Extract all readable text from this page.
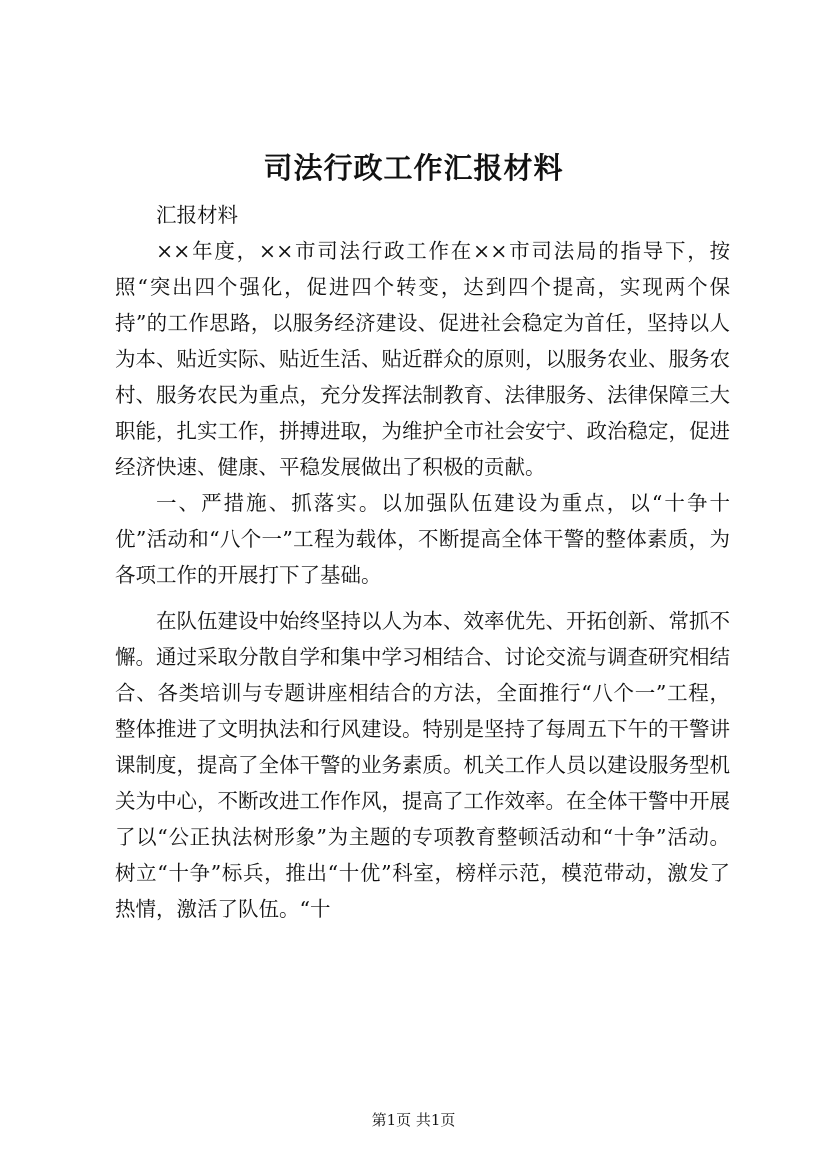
司法行政工作汇报材料

汇报材料

××年度，××市司法行政工作在××市司法局的指导下，按照“突出四个强化，促进四个转变，达到四个提高，实现两个保持”的工作思路，以服务经济建设、促进社会稳定为首任，坚持以人为本、贴近实际、贴近生活、贴近群众的原则，以服务农业、服务农村、服务农民为重点，充分发挥法制教育、法律服务、法律保障三大职能，扎实工作，拼搏进取，为维护全市社会安宁、政治稳定，促进经济快速、健康、平稳发展做出了积极的贡献。

一、严措施、抓落实。以加强队伍建设为重点，以“十争十优”活动和“八个一”工程为载体，不断提高全体干警的整体素质，为各项工作的开展打下了基础。

在队伍建设中始终坚持以人为本、效率优先、开拓创新、常抓不懈。通过采取分散自学和集中学习相结合、讨论交流与调查研究相结合、各类培训与专题讲座相结合的方法，全面推行“八个一”工程，整体推进了文明执法和行风建设。特别是坚持了每周五下午的干警讲课制度，提高了全体干警的业务素质。机关工作人员以建设服务型机关为中心，不断改进工作作风，提高了工作效率。在全体干警中开展了以“公正执法树形象”为主题的专项教育整顿活动和“十争”活动。树立“十争”标兵，推出“十优”科室，榜样示范，模范带动，激发了热情，激活了队伍。“十

第1页 共1页
